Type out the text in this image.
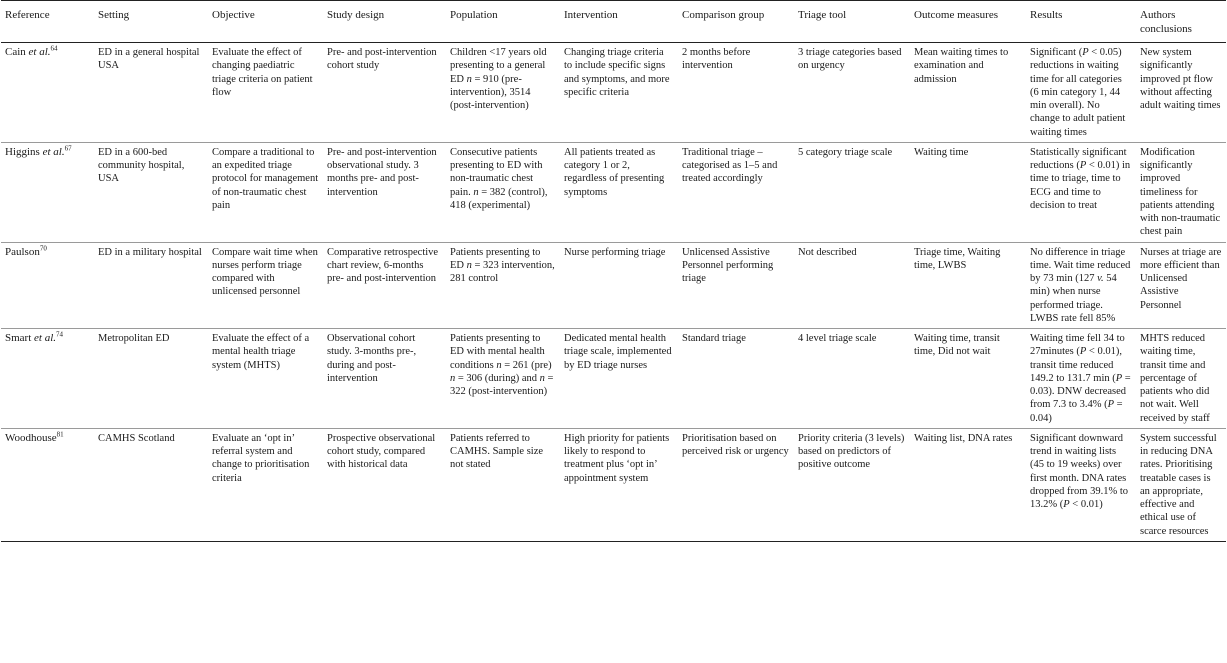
Reference	Setting	Objective	Study design	Population	Intervention	Comparison group	Triage tool	Outcome measures	Results	Authors conclusions
Cain et al.$^{64}$	ED in a general hospital USA	Evaluate the effect of changing paediatric triage criteria on patient flow	Pre- and post-intervention cohort study	Children <17 years old presenting to a general ED n = 910 (pre-intervention), 3514 (post-intervention)	Changing triage criteria to include specific signs and symptoms, and more specific criteria	2 months before intervention	3 triage categories based on urgency	Mean waiting times to examination and admission	Significant (P < 0.05) reductions in waiting time for all categories (6 min category 1, 44 min overall). No change to adult patient waiting times	New system significantly improved pt flow without affecting adult waiting times
Higgins et al.$^{67}$	ED in a 600-bed community hospital, USA	Compare a traditional to an expedited triage protocol for management of non-traumatic chest pain	Pre- and post-intervention observational study. 3 months pre- and post-intervention	Consecutive patients presenting to ED with non-traumatic chest pain. n = 382 (control), 418 (experimental)	All patients treated as category 1 or 2, regardless of presenting symptoms	Traditional triage – categorised as 1–5 and treated accordingly	5 category triage scale	Waiting time	Statistically significant reductions (P < 0.01) in time to triage, time to ECG and time to decision to treat	Modification significantly improved timeliness for patients attending with non-traumatic chest pain
Paulson$^{70}$	ED in a military hospital	Compare wait time when nurses perform triage compared with unlicensed personnel	Comparative retrospective chart review, 6-months pre- and post-intervention	Patients presenting to ED n = 323 intervention, 281 control	Nurse performing triage	Unlicensed Assistive Personnel performing triage	Not described	Triage time, Waiting time, LWBS	No difference in triage time. Wait time reduced by 73 min (127 v. 54 min) when nurse performed triage. LWBS rate fell 85%	Nurses at triage are more efficient than Unlicensed Assistive Personnel
Smart et al.$^{74}$	Metropolitan ED	Evaluate the effect of a mental health triage system (MHTS)	Observational cohort study. 3-months pre-, during and post-intervention	Patients presenting to ED with mental health conditions n = 261 (pre) n = 306 (during) and n = 322 (post-intervention)	Dedicated mental health triage scale, implemented by ED triage nurses	Standard triage	4 level triage scale	Waiting time, transit time, Did not wait	Waiting time fell 34 to 27minutes (P < 0.01), transit time reduced 149.2 to 131.7 min (P = 0.03). DNW decreased from 7.3 to 3.4% (P = 0.04)	MHTS reduced waiting time, transit time and percentage of patients who did not wait. Well received by staff
Woodhouse$^{81}$	CAMHS Scotland	Evaluate an ‘opt in’ referral system and change to prioritisation criteria	Prospective observational cohort study, compared with historical data	Patients referred to CAMHS. Sample size not stated	High priority for patients likely to respond to treatment plus ‘opt in’ appointment system	Prioritisation based on perceived risk or urgency	Priority criteria (3 levels) based on predictors of positive outcome	Waiting list, DNA rates	Significant downward trend in waiting lists (45 to 19 weeks) over first month. DNA rates dropped from 39.1% to 13.2% (P < 0.01)	System successful in reducing DNA rates. Prioritising treatable cases is an appropriate, effective and ethical use of scarce resources
